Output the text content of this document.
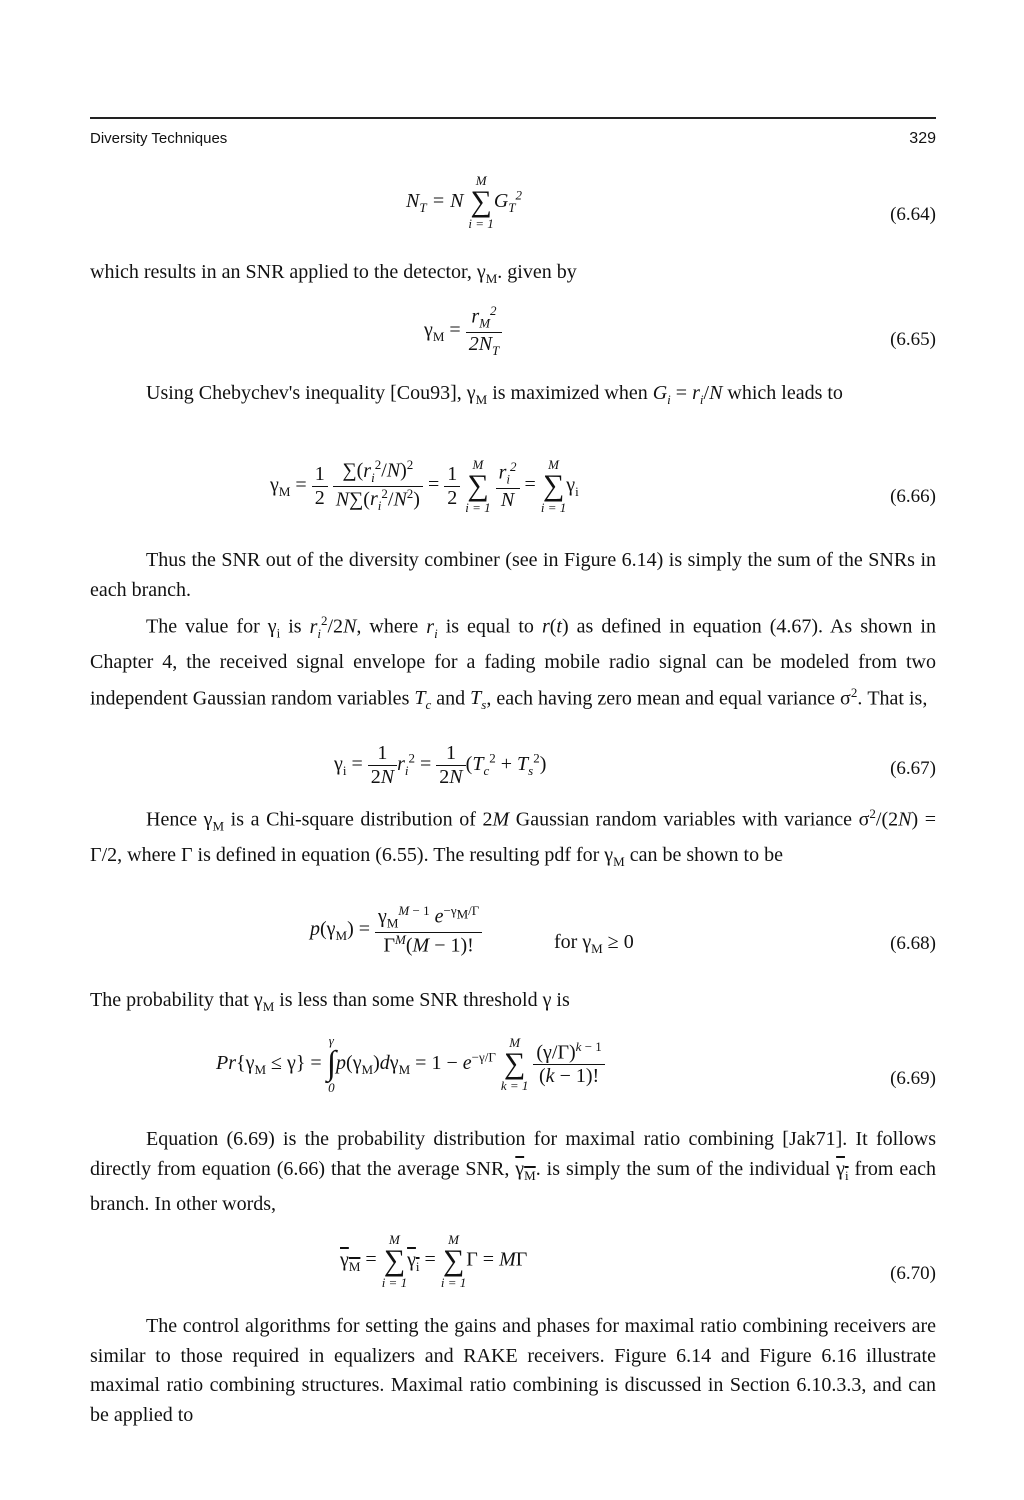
Diversity Techniques	329
$N_T = N$
M
∑
i = 1
$G_T^2$
(6.64)

which results in an SNR applied to the detector, $\gamma_M$. given by

$\gamma_M = \frac{r_M^2}{2N_T}$	(6.65)

Using Chebychev's inequality [Cou93], $\gamma_M$ is maximized when $G_i = r_i/N$ which leads to

$\gamma_M = \frac{1}{2}$
$\frac{\sum(r_i^2/N)^2}{N\sum(r_i^2/N^2)} = \frac{1}{2}$
M
∑
i = 1
$\frac{r_i^2}{N}$ =
M
∑
i = 1
$\gamma_i$	(6.66)

Thus the SNR out of the diversity combiner (see in Figure 6.14) is simply the sum of the SNRs in each branch.

The value for $\gamma_i$ is $r_i^2/2N$, where $r_i$ is equal to r(t) as defined in equation (4.67). As shown in Chapter 4, the received signal envelope for a fading mobile radio signal can be modeled from two independent Gaussian random variables $T_c$ and $T_s$, each having zero mean and equal variance $\sigma^2$. That is,

$\gamma_i = \frac{1}{2N} r_i^2 = \frac{1}{2N} (T_c^2 + T_s^2)$	(6.67)

Hence $\gamma_M$ is a Chi-square distribution of 2M Gaussian random variables with variance $\sigma^2/(2N) = \Gamma/2$, where Γ is defined in equation (6.55). The resulting pdf for $\gamma_M$ can be shown to be

$p(\gamma_M) = \frac{\gamma_M^{M - 1} e^{-\gamma_M/\Gamma}}{\Gamma^M(M - 1)!}$	for $\gamma_M \ge 0$	(6.68)

The probability that $\gamma_M$ is less than some SNR threshold γ is

$Pr\{\gamma_M \le \gamma\}$ =
γ
∫
0
$p(\gamma_M)d\gamma_M = 1 - e^{-\gamma/\Gamma}$
M
∑
k = 1
$\frac{(\gamma/\Gamma)^{k - 1}}{(k - 1)!}$	(6.69)

Equation (6.69) is the probability distribution for maximal ratio combining [Jak71]. It follows directly from equation (6.66) that the average SNR, $\gamma_M$. is simply the sum of the individual $\gamma_i$ from each branch. In other words,

$\gamma_M$ =
M
∑
i = 1
$\gamma_i$ =
M
∑
i = 1
Γ = MΓ
(6.70)

The control algorithms for setting the gains and phases for maximal ratio combining receivers are similar to those required in equalizers and RAKE receivers. Figure 6.14 and Figure 6.16 illustrate maximal ratio combining structures. Maximal ratio combining is discussed in Section 6.10.3.3, and can be applied to
